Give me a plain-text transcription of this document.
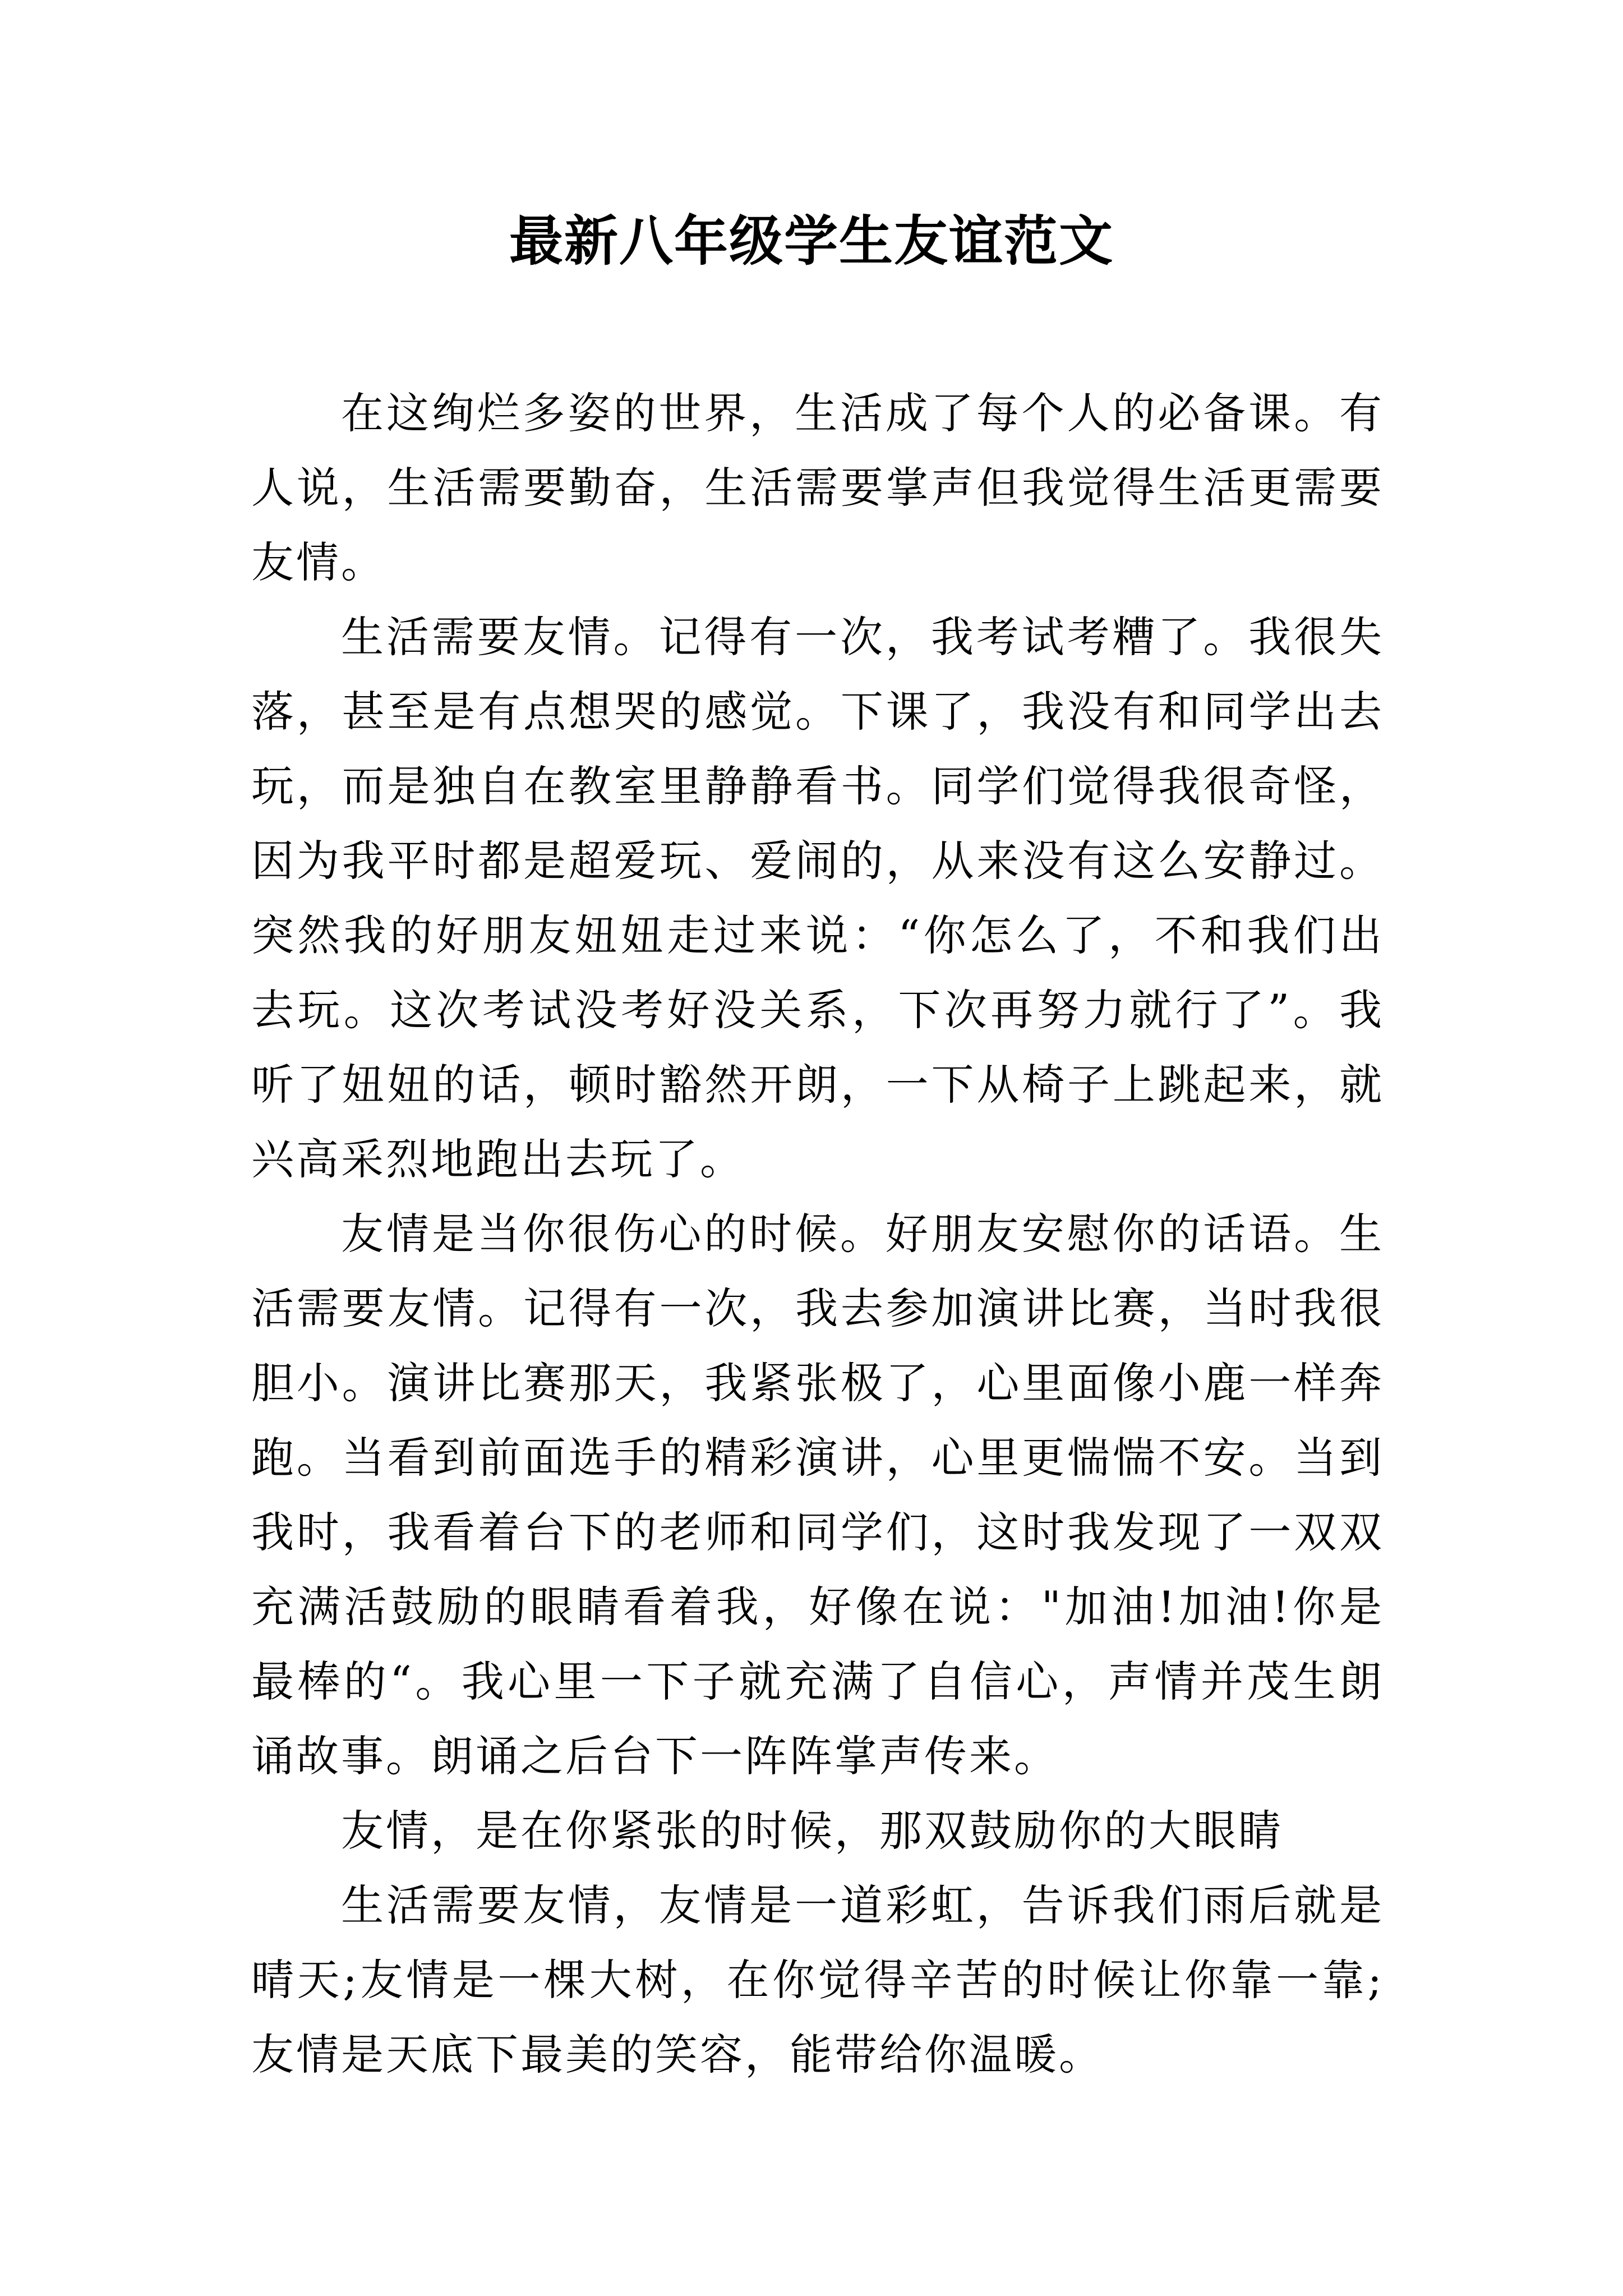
最新八年级学生友谊范文

在这绚烂多姿的世界，生活成了每个人的必备课。有人说，生活需要勤奋，生活需要掌声但我觉得生活更需要友情。

生活需要友情。记得有一次，我考试考糟了。我很失落，甚至是有点想哭的感觉。下课了，我没有和同学出去玩，而是独自在教室里静静看书。同学们觉得我很奇怪，因为我平时都是超爱玩、爱闹的，从来没有这么安静过。突然我的好朋友妞妞走过来说：“你怎么了，不和我们出去玩。这次考试没考好没关系，下次再努力就行了”。我听了妞妞的话，顿时豁然开朗，一下从椅子上跳起来，就兴高采烈地跑出去玩了。

友情是当你很伤心的时候。好朋友安慰你的话语。生活需要友情。记得有一次，我去参加演讲比赛，当时我很胆小。演讲比赛那天，我紧张极了，心里面像小鹿一样奔跑。当看到前面选手的精彩演讲，心里更惴惴不安。当到我时，我看着台下的老师和同学们，这时我发现了一双双充满活鼓励的眼睛看着我，好像在说："加油!加油!你是最棒的“。我心里一下子就充满了自信心，声情并茂生朗诵故事。朗诵之后台下一阵阵掌声传来。

友情，是在你紧张的时候，那双鼓励你的大眼睛

生活需要友情，友情是一道彩虹，告诉我们雨后就是晴天;友情是一棵大树，在你觉得辛苦的时候让你靠一靠;友情是天底下最美的笑容，能带给你温暖。
